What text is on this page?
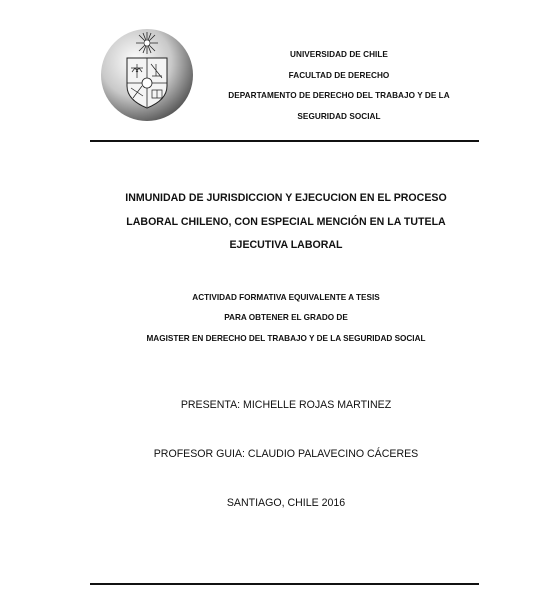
UNIVERSIDAD DE CHILE
FACULTAD DE DERECHO
DEPARTAMENTO DE DERECHO DEL TRABAJO Y DE LA
SEGURIDAD SOCIAL
INMUNIDAD DE JURISDICCION Y EJECUCION EN EL PROCESO
LABORAL CHILENO, CON ESPECIAL MENCIÓN EN LA TUTELA
EJECUTIVA LABORAL
ACTIVIDAD FORMATIVA EQUIVALENTE A TESIS
PARA OBTENER EL GRADO DE
MAGISTER EN DERECHO DEL TRABAJO Y DE LA SEGURIDAD SOCIAL
PRESENTA: MICHELLE ROJAS MARTINEZ
PROFESOR GUIA: CLAUDIO PALAVECINO CÁCERES
SANTIAGO, CHILE 2016
